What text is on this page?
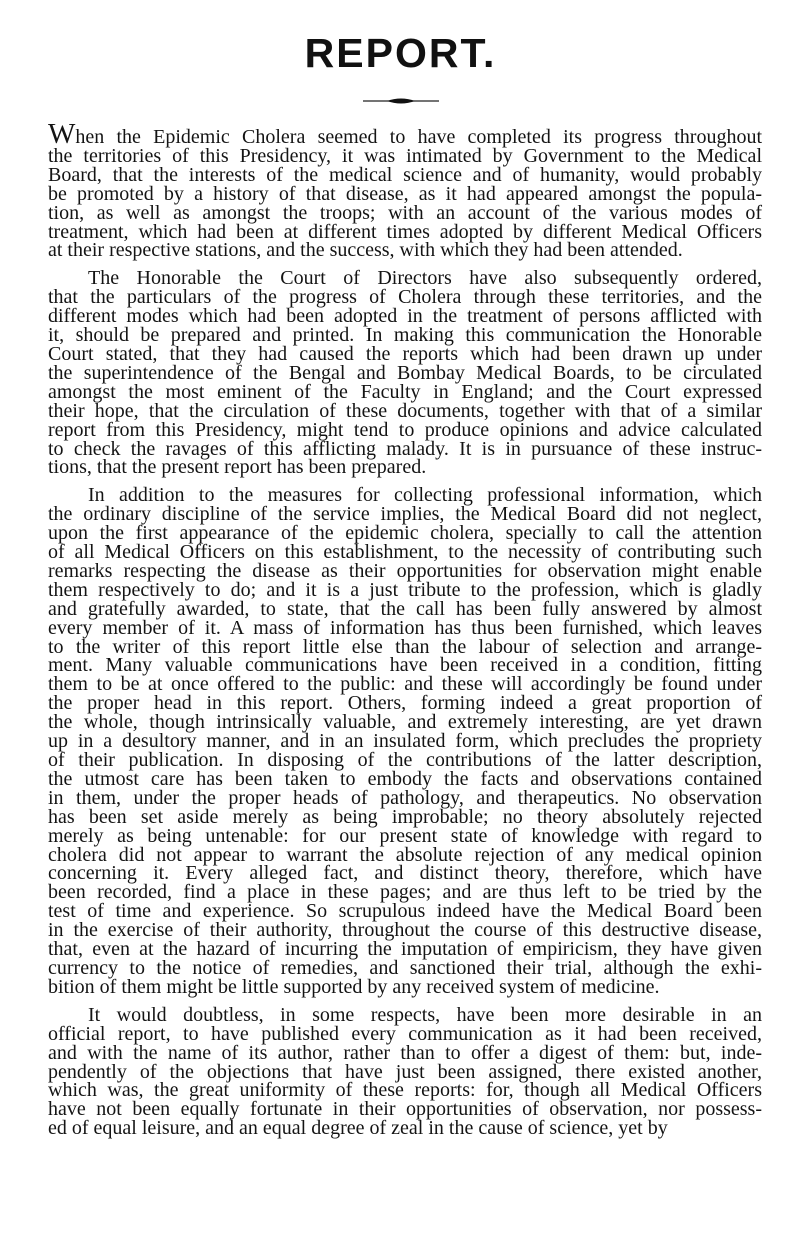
REPORT.

When the Epidemic Cholera seemed to have completed its progress throughout
the territories of this Presidency, it was intimated by Government to the Medical
Board, that the interests of the medical science and of humanity, would probably
be promoted by a history of that disease, as it had appeared amongst the popula-
tion, as well as amongst the troops; with an account of the various modes of
treatment, which had been at different times adopted by different Medical Officers
at their respective stations, and the success, with which they had been attended.

The Honorable the Court of Directors have also subsequently ordered,
that the particulars of the progress of Cholera through these territories, and the
different modes which had been adopted in the treatment of persons afflicted with
it, should be prepared and printed. In making this communication the Honorable
Court stated, that they had caused the reports which had been drawn up under
the superintendence of the Bengal and Bombay Medical Boards, to be circulated
amongst the most eminent of the Faculty in England; and the Court expressed
their hope, that the circulation of these documents, together with that of a similar
report from this Presidency, might tend to produce opinions and advice calculated
to check the ravages of this afflicting malady. It is in pursuance of these instruc-
tions, that the present report has been prepared.

In addition to the measures for collecting professional information, which
the ordinary discipline of the service implies, the Medical Board did not neglect,
upon the first appearance of the epidemic cholera, specially to call the attention
of all Medical Officers on this establishment, to the necessity of contributing such
remarks respecting the disease as their opportunities for observation might enable
them respectively to do; and it is a just tribute to the profession, which is gladly
and gratefully awarded, to state, that the call has been fully answered by almost
every member of it. A mass of information has thus been furnished, which leaves
to the writer of this report little else than the labour of selection and arrange-
ment. Many valuable communications have been received in a condition, fitting
them to be at once offered to the public: and these will accordingly be found under
the proper head in this report. Others, forming indeed a great proportion of
the whole, though intrinsically valuable, and extremely interesting, are yet drawn
up in a desultory manner, and in an insulated form, which precludes the propriety
of their publication. In disposing of the contributions of the latter description,
the utmost care has been taken to embody the facts and observations contained
in them, under the proper heads of pathology, and therapeutics. No observation
has been set aside merely as being improbable; no theory absolutely rejected
merely as being untenable: for our present state of knowledge with regard to
cholera did not appear to warrant the absolute rejection of any medical opinion
concerning it. Every alleged fact, and distinct theory, therefore, which have
been recorded, find a place in these pages; and are thus left to be tried by the
test of time and experience. So scrupulous indeed have the Medical Board been
in the exercise of their authority, throughout the course of this destructive disease,
that, even at the hazard of incurring the imputation of empiricism, they have given
currency to the notice of remedies, and sanctioned their trial, although the exhi-
bition of them might be little supported by any received system of medicine.

It would doubtless, in some respects, have been more desirable in an
official report, to have published every communication as it had been received,
and with the name of its author, rather than to offer a digest of them: but, inde-
pendently of the objections that have just been assigned, there existed another,
which was, the great uniformity of these reports: for, though all Medical Officers
have not been equally fortunate in their opportunities of observation, nor possess-
ed of equal leisure, and an equal degree of zeal in the cause of science, yet by
